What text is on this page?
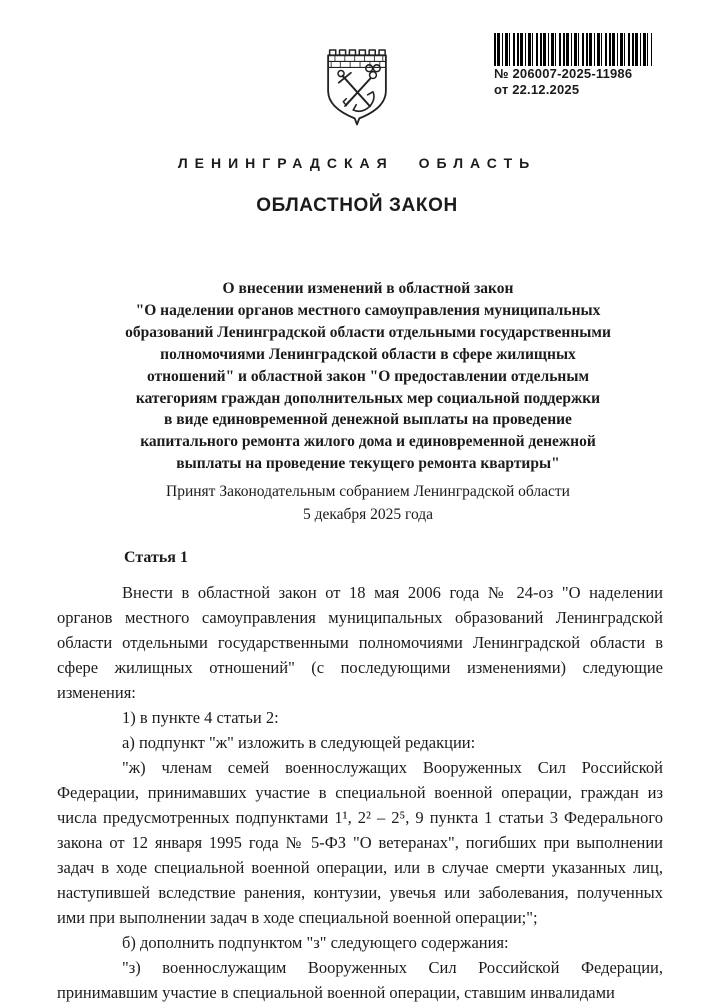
№ 206007-2025-11986
от 22.12.2025
ЛЕНИНГРАДСКАЯ ОБЛАСТЬ
ОБЛАСТНОЙ ЗАКОН
О внесении изменений в областной закон
"О наделении органов местного самоуправления муниципальных
образований Ленинградской области отдельными государственными
полномочиями Ленинградской области в сфере жилищных
отношений" и областной закон "О предоставлении отдельным
категориям граждан дополнительных мер социальной поддержки
в виде единовременной денежной выплаты на проведение
капитального ремонта жилого дома и единовременной денежной
выплаты на проведение текущего ремонта квартиры"
Принят Законодательным собранием Ленинградской области
5 декабря 2025 года
Статья 1
Внести в областной закон от 18 мая 2006 года № 24-оз "О наделении органов местного самоуправления муниципальных образований Ленинградской области отдельными государственными полномочиями Ленинградской области в сфере жилищных отношений" (с последующими изменениями) следующие изменения:
1) в пункте 4 статьи 2:
а) подпункт "ж" изложить в следующей редакции:
"ж) членам семей военнослужащих Вооруженных Сил Российской Федерации, принимавших участие в специальной военной операции, граждан из числа предусмотренных подпунктами 1¹, 2² – 2⁵, 9 пункта 1 статьи 3 Федерального закона от 12 января 1995 года № 5-ФЗ "О ветеранах", погибших при выполнении задач в ходе специальной военной операции, или в случае смерти указанных лиц, наступившей вследствие ранения, контузии, увечья или заболевания, полученных ими при выполнении задач в ходе специальной военной операции;";
б) дополнить подпунктом "з" следующего содержания:
"з) военнослужащим Вооруженных Сил Российской Федерации, принимавшим участие в специальной военной операции, ставшим инвалидами
